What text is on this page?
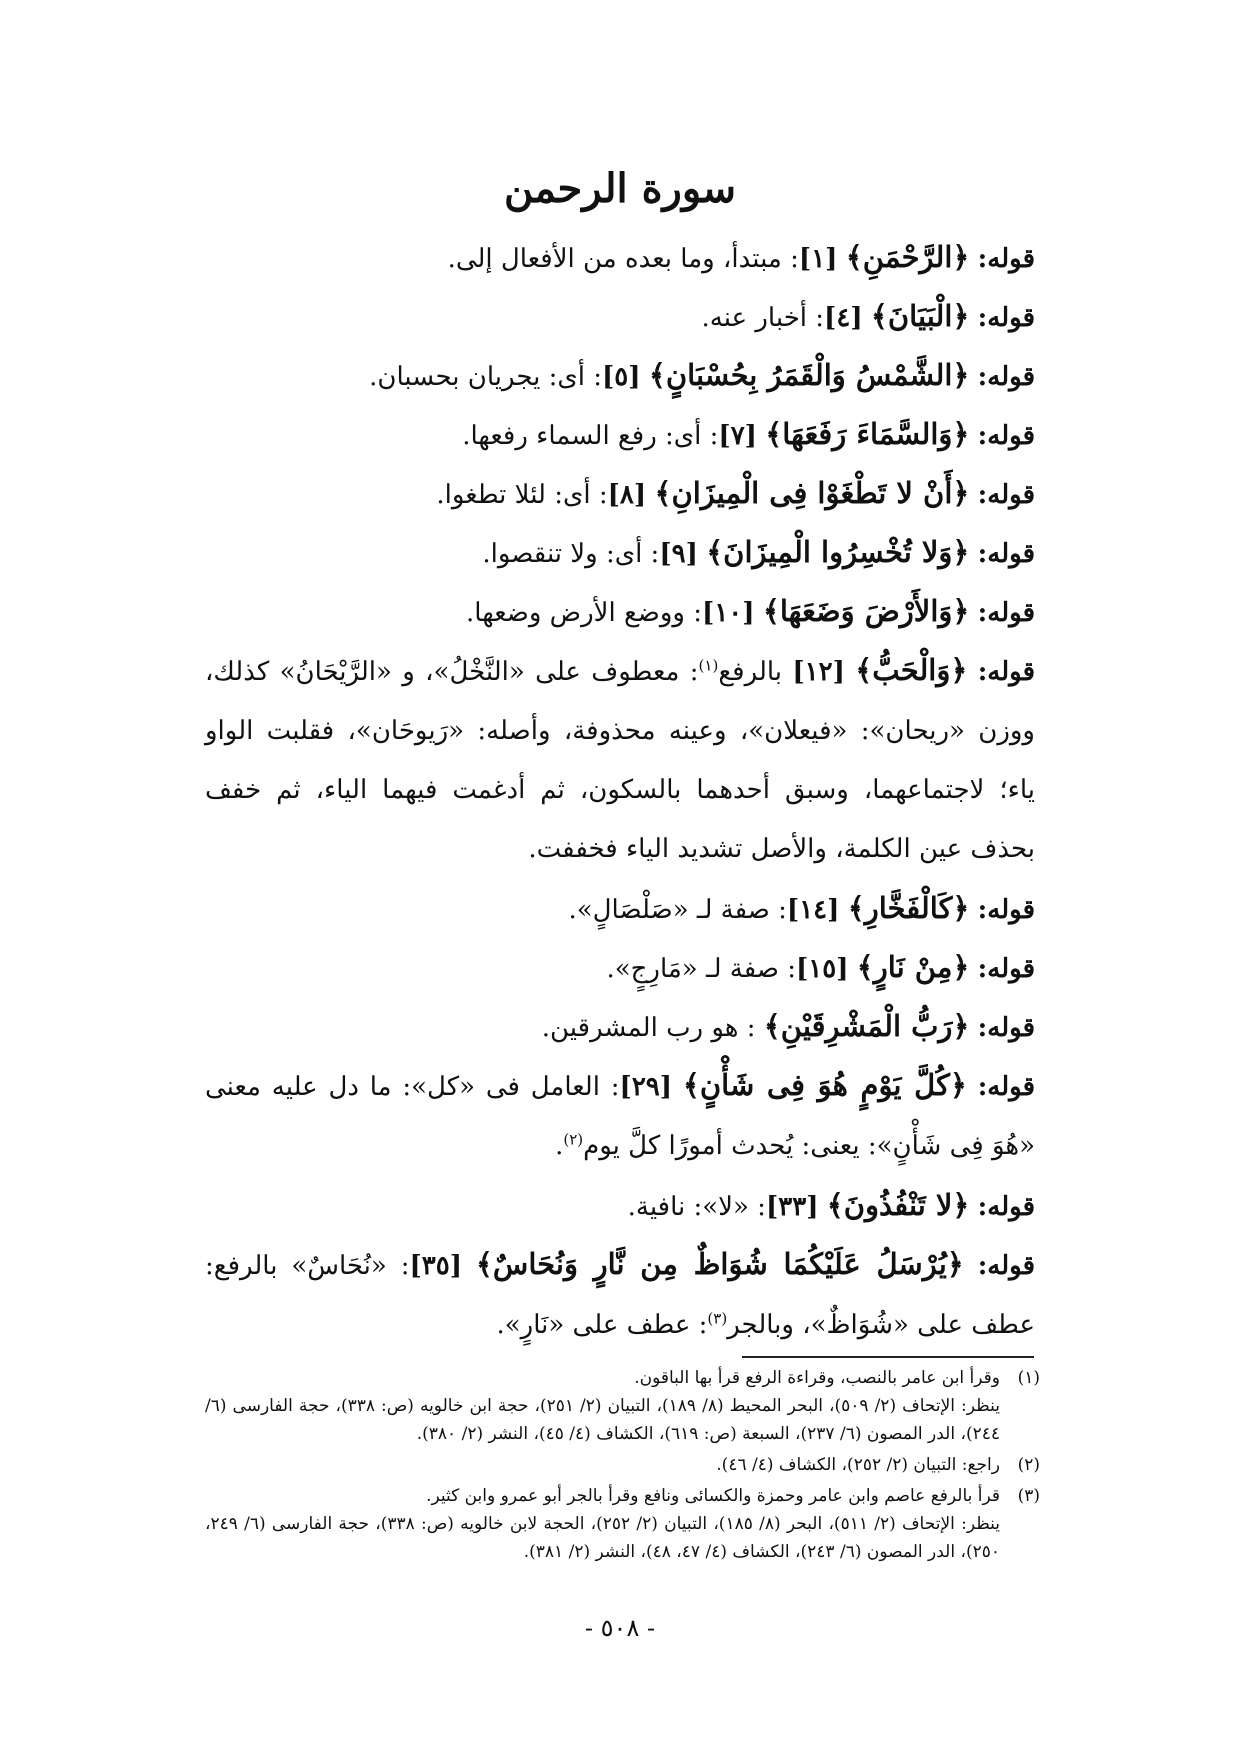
سورة الرحمن
قوله: ﴿الرَّحْمَنِ﴾ [١]: مبتدأ، وما بعده من الأفعال إلى.
قوله: ﴿الْبَيَانَ﴾ [٤]: أخبار عنه.
قوله: ﴿الشَّمْسُ وَالْقَمَرُ بِحُسْبَانٍ﴾ [٥]: أى: يجريان بحسبان.
قوله: ﴿وَالسَّمَاءَ رَفَعَهَا﴾ [٧]: أى: رفع السماء رفعها.
قوله: ﴿أَنْ لا تَطْغَوْا فِى الْمِيزَانِ﴾ [٨]: أى: لئلا تطغوا.
قوله: ﴿وَلا تُخْسِرُوا الْمِيزَانَ﴾ [٩]: أى: ولا تنقصوا.
قوله: ﴿وَالأَرْضَ وَضَعَهَا﴾ [١٠]: ووضع الأرض وضعها.
قوله: ﴿وَالْحَبُّ﴾ [١٢] بالرفع$^{(١)}$: معطوف على «النَّخْلُ»، و «الرَّيْحَانُ» كذلك، ووزن «ريحان»: «فيعلان»، وعينه محذوفة، وأصله: «رَيوحَان»، فقلبت الواو ياء؛ لاجتماعهما، وسبق أحدهما بالسكون، ثم أدغمت فيهما الياء، ثم خفف بحذف عين الكلمة، والأصل تشديد الياء فخففت.
قوله: ﴿كَالْفَخَّارِ﴾ [١٤]: صفة لـ «صَلْصَالٍ».
قوله: ﴿مِنْ نَارٍ﴾ [١٥]: صفة لـ «مَارِجٍ».
قوله: ﴿رَبُّ الْمَشْرِقَيْنِ﴾ : هو رب المشرقين.
قوله: ﴿كُلَّ يَوْمٍ هُوَ فِى شَأْنٍ﴾ [٢٩]: العامل فى «كل»: ما دل عليه معنى «هُوَ فِى شَأْنٍ»: يعنى: يُحدث أمورًا كلَّ يوم$^{(٢)}$.
قوله: ﴿لا تَنْفُذُونَ﴾ [٣٣]: «لا»: نافية.
قوله: ﴿يُرْسَلُ عَلَيْكُمَا شُوَاظٌ مِن نَّارٍ وَنُحَاسٌ﴾ [٣٥]: «نُحَاسٌ» بالرفع: عطف على «شُوَاظٌ»، وبالجر$^{(٣)}$: عطف على «نَارٍ».
(١)وقرأ ابن عامر بالنصب، وقراءة الرفع قرأ بها الباقون.
ينظر: الإتحاف (٢/ ٥٠٩)، البحر المحيط (٨/ ١٨٩)، التبيان (٢/ ٢٥١)، حجة ابن خالويه (ص: ٣٣٨)، حجة الفارسى (٦/ ٢٤٤)، الدر المصون (٦/ ٢٣٧)، السبعة (ص: ٦١٩)، الكشاف (٤/ ٤٥)، النشر (٢/ ٣٨٠).
(٢)راجع: التبيان (٢/ ٢٥٢)، الكشاف (٤/ ٤٦).
(٣)قرأ بالرفع عاصم وابن عامر وحمزة والكسائى ونافع وقرأ بالجر أبو عمرو وابن كثير.
ينظر: الإتحاف (٢/ ٥١١)، البحر (٨/ ١٨٥)، التبيان (٢/ ٢٥٢)، الحجة لابن خالويه (ص: ٣٣٨)، حجة الفارسى (٦/ ٢٤٩، ٢٥٠)، الدر المصون (٦/ ٢٤٣)، الكشاف (٤/ ٤٧، ٤٨)، النشر (٢/ ٣٨١).
- ٥٠٨ -
